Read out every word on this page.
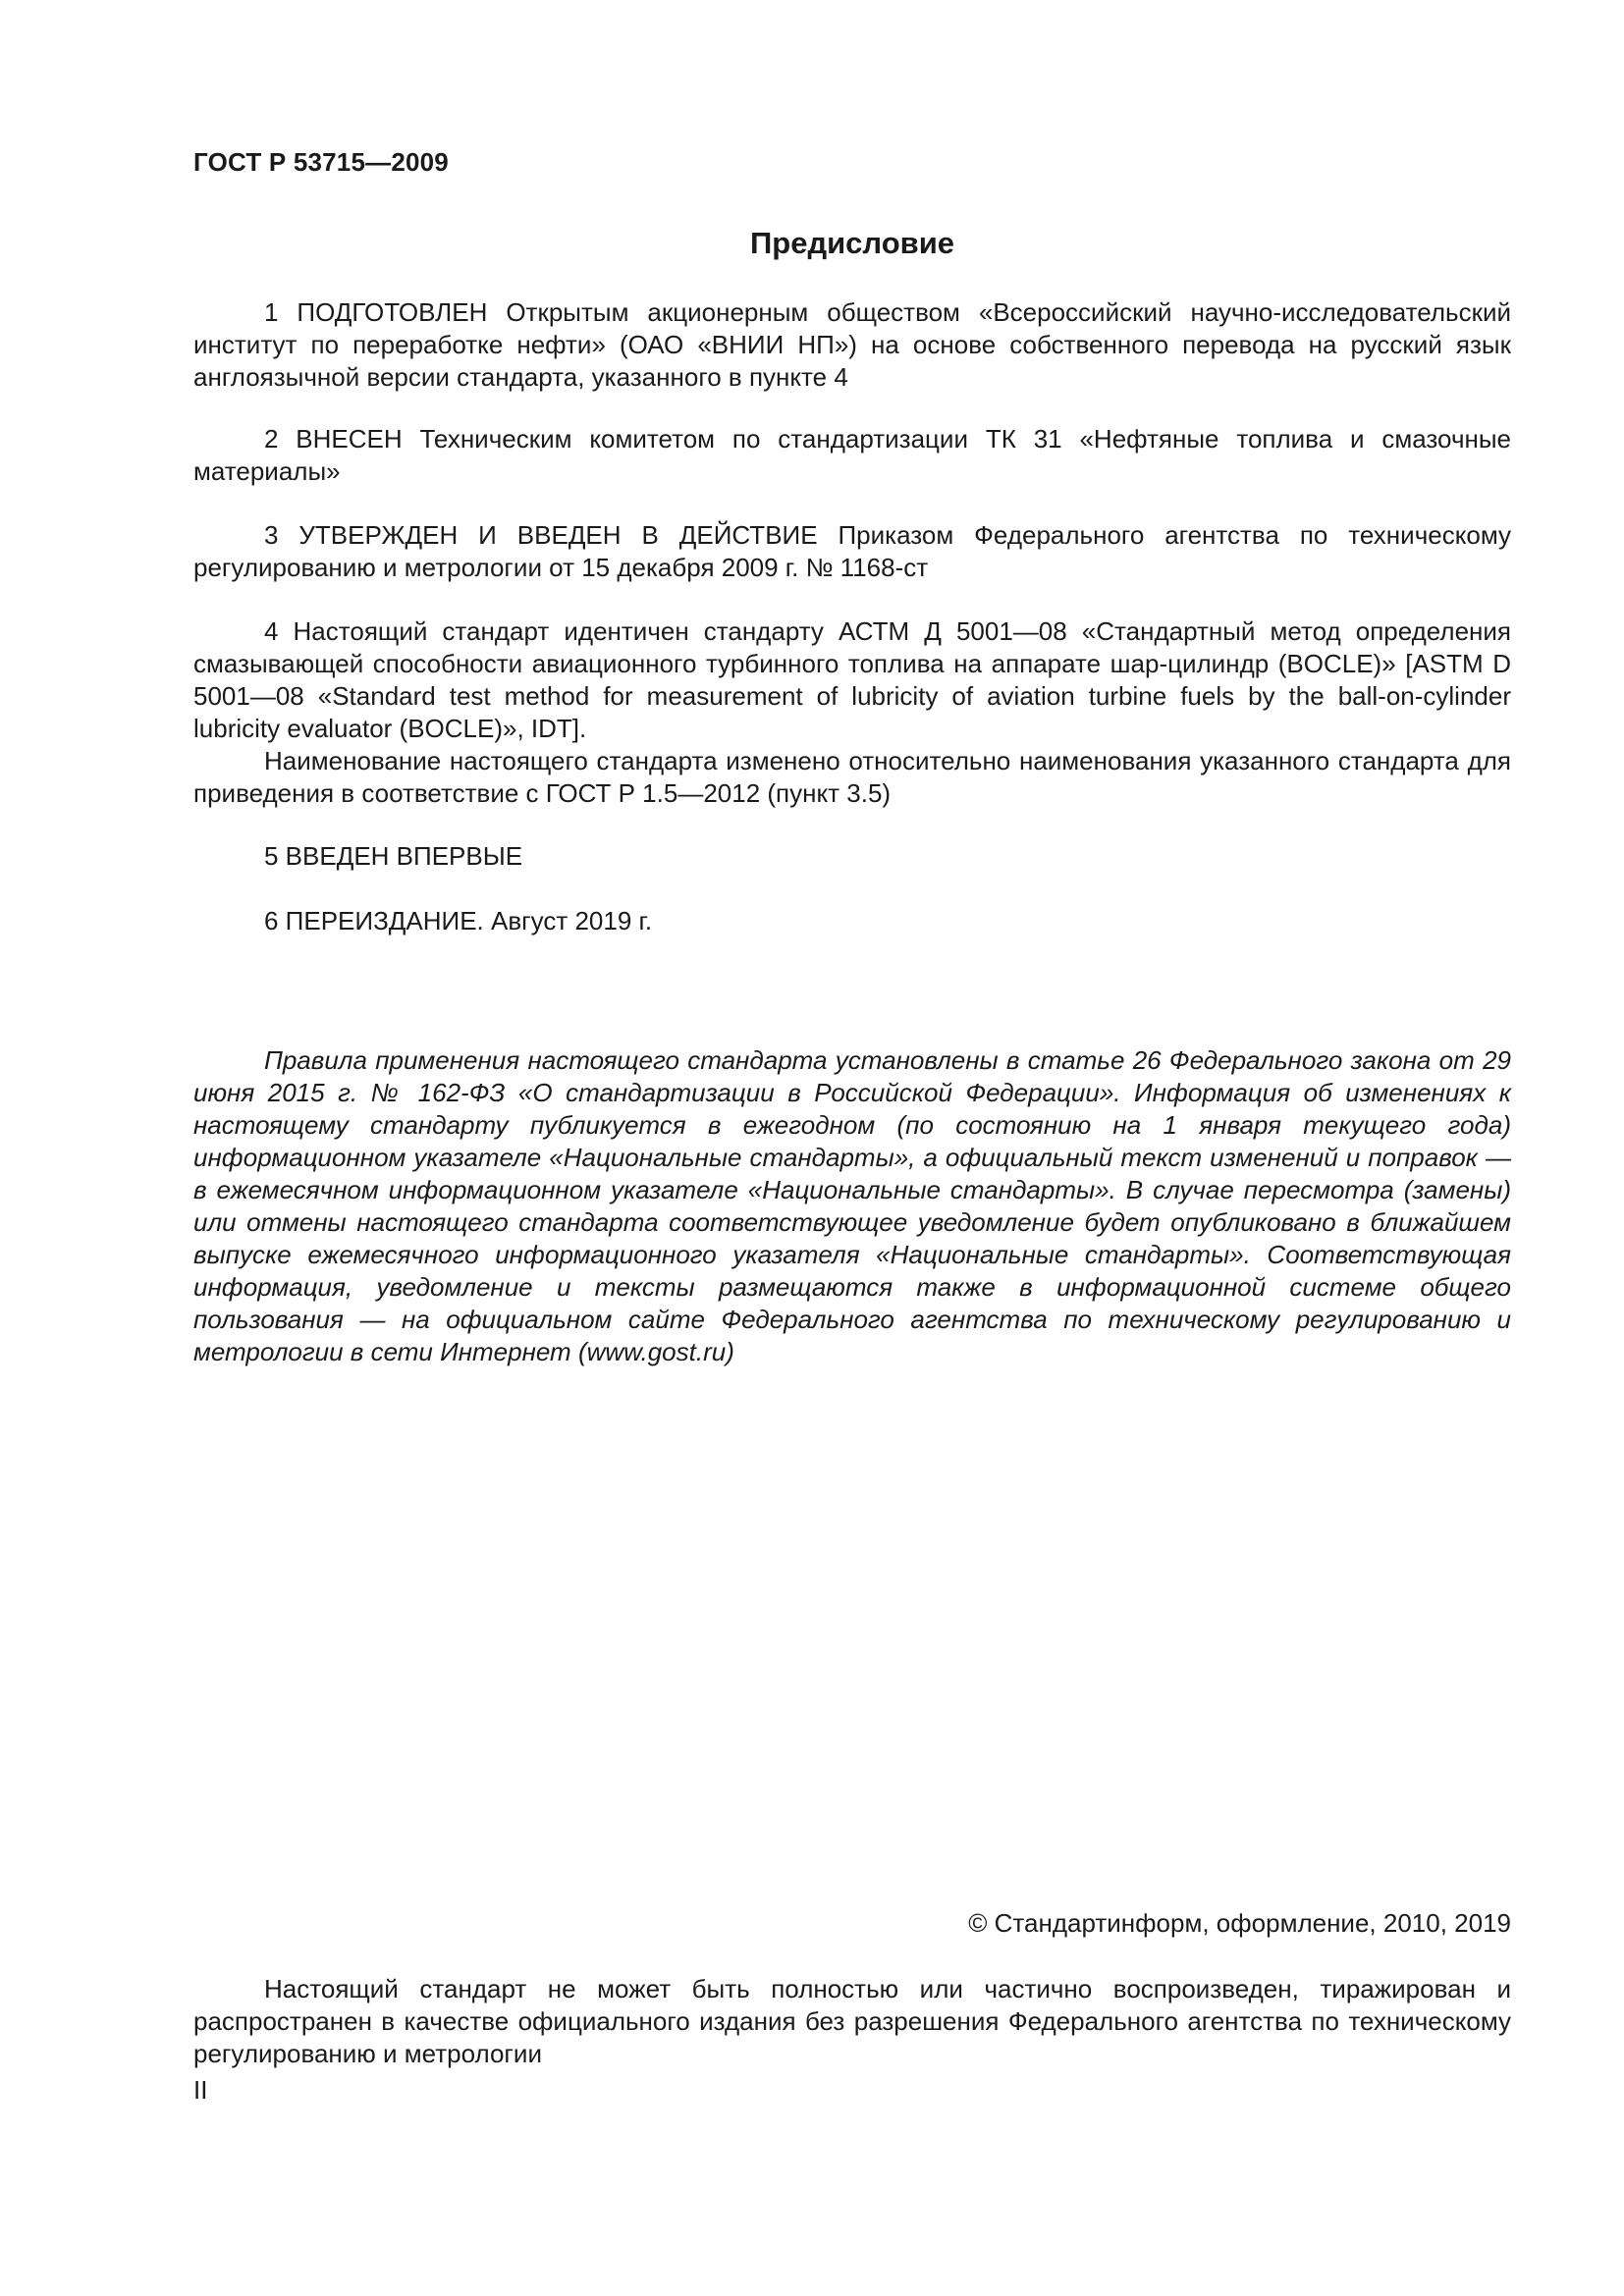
ГОСТ Р 53715—2009
Предисловие

1 ПОДГОТОВЛЕН Открытым акционерным обществом «Всероссийский научно-исследовательский институт по переработке нефти» (ОАО «ВНИИ НП») на основе собственного перевода на русский язык англоязычной версии стандарта, указанного в пункте 4

2 ВНЕСЕН Техническим комитетом по стандартизации ТК 31 «Нефтяные топлива и смазочные материалы»

3 УТВЕРЖДЕН И ВВЕДЕН В ДЕЙСТВИЕ Приказом Федерального агентства по техническому регулированию и метрологии от 15 декабря 2009 г. № 1168-ст

4 Настоящий стандарт идентичен стандарту АСТМ Д 5001—08 «Стандартный метод определения смазывающей способности авиационного турбинного топлива на аппарате шар-цилиндр (BOCLE)» [ASTM D 5001—08 «Standard test method for measurement of lubricity of aviation turbine fuels by the ball-on-cylinder lubricity evaluator (BOCLE)», IDT].

Наименование настоящего стандарта изменено относительно наименования указанного стандарта для приведения в соответствие с ГОСТ Р 1.5—2012 (пункт 3.5)

5 ВВЕДЕН ВПЕРВЫЕ

6 ПЕРЕИЗДАНИЕ. Август 2019 г.

Правила применения настоящего стандарта установлены в статье 26 Федерального закона от 29 июня 2015 г. № 162-ФЗ «О стандартизации в Российской Федерации». Информация об изменениях к настоящему стандарту публикуется в ежегодном (по состоянию на 1 января текущего года) информационном указателе «Национальные стандарты», а официальный текст изменений и поправок — в ежемесячном информационном указателе «Национальные стандарты». В случае пересмотра (замены) или отмены настоящего стандарта соответствующее уведомление будет опубликовано в ближайшем выпуске ежемесячного информационного указателя «Национальные стандарты». Соответствующая информация, уведомление и тексты размещаются также в информационной системе общего пользования — на официальном сайте Федерального агентства по техническому регулированию и метрологии в сети Интернет (www.gost.ru)

© Стандартинформ, оформление, 2010, 2019

Настоящий стандарт не может быть полностью или частично воспроизведен, тиражирован и распространен в качестве официального издания без разрешения Федерального агентства по техническому регулированию и метрологии

II
